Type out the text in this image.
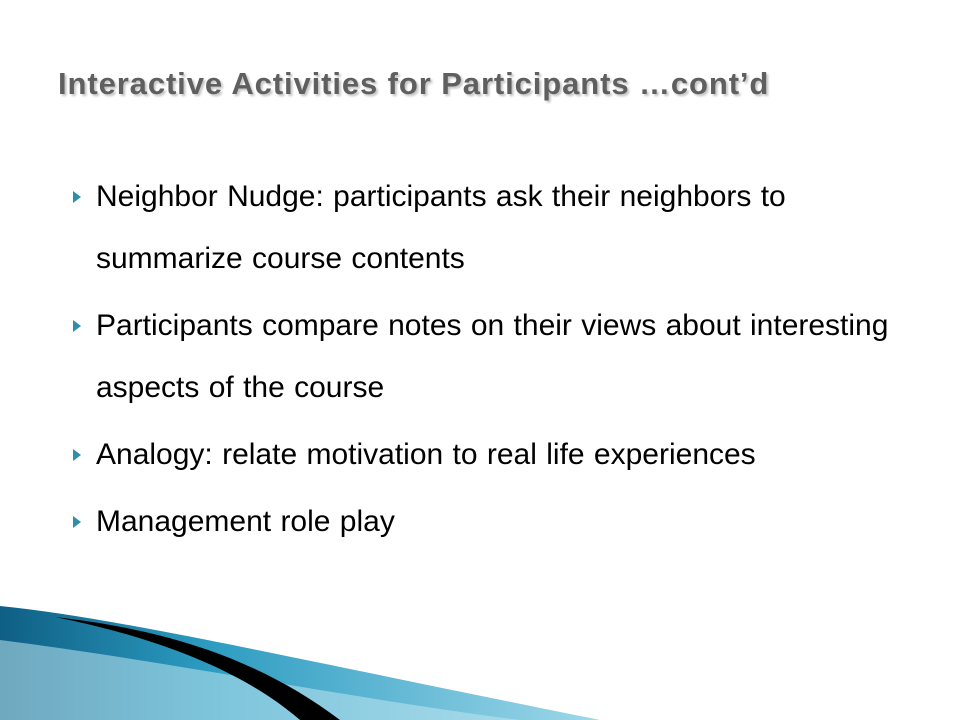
Interactive Activities for Participants …cont’d
Neighbor Nudge: participants ask their neighbors to summarize course contents
Participants compare notes on their views about interesting aspects of the course
Analogy: relate motivation to real life experiences
Management role play
